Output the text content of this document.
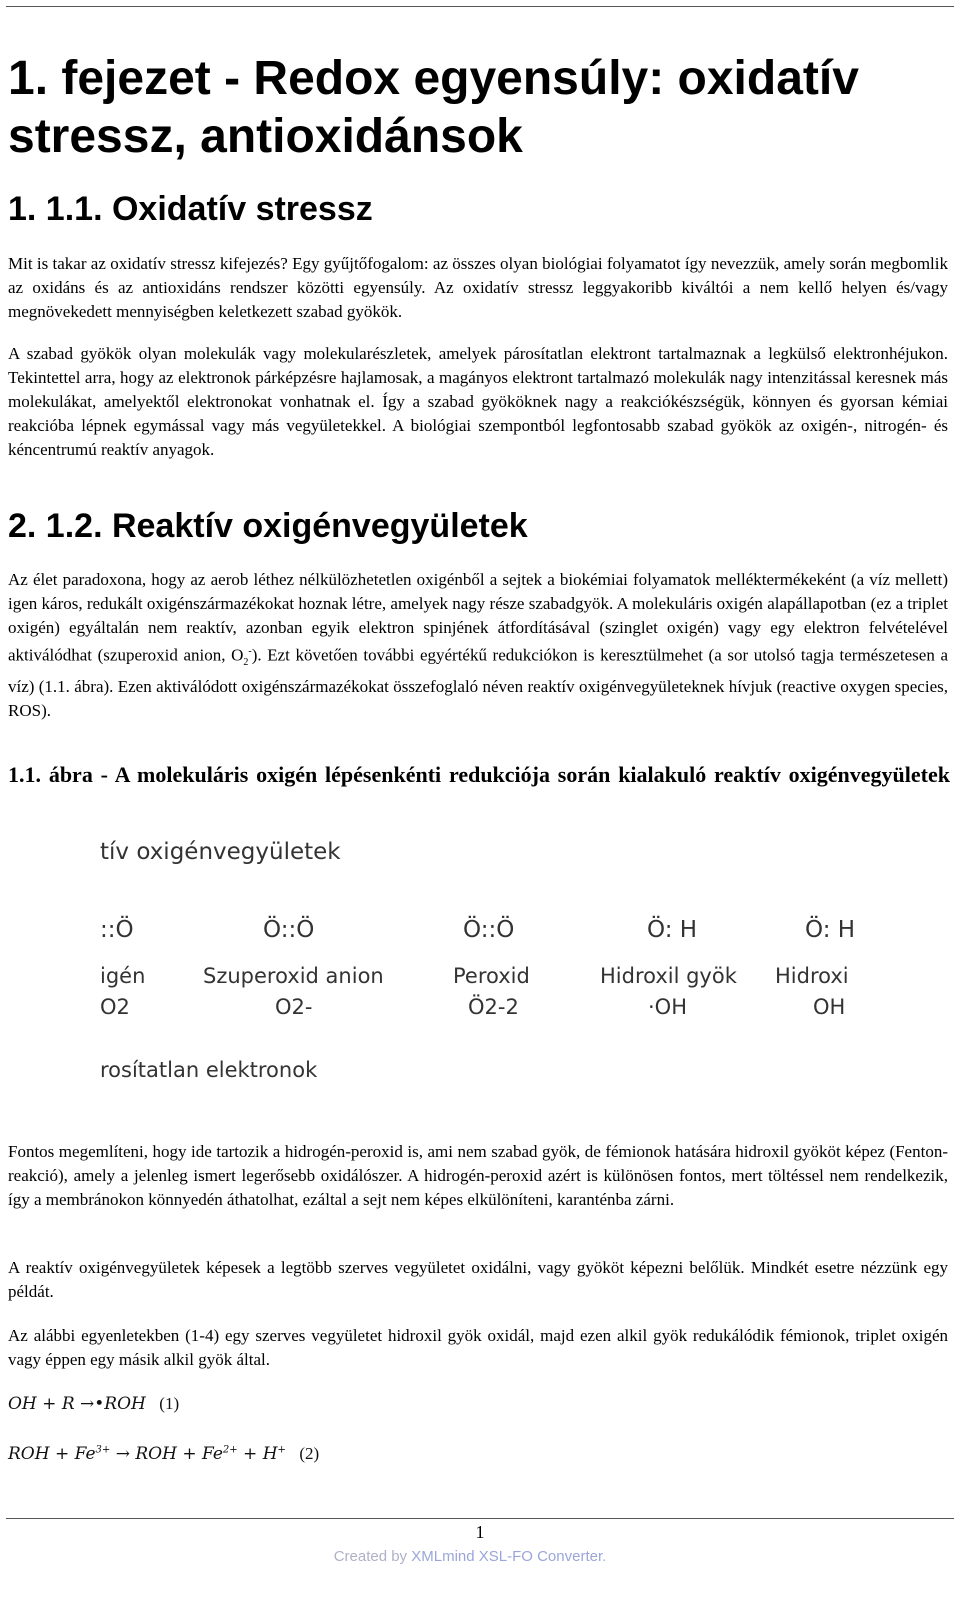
1. fejezet - Redox egyensúly: oxidatív stressz, antioxidánsok
1. 1.1. Oxidatív stressz

Mit is takar az oxidatív stressz kifejezés? Egy gyűjtőfogalom: az összes olyan biológiai folyamatot így nevezzük, amely során megbomlik az oxidáns és az antioxidáns rendszer közötti egyensúly. Az oxidatív stressz leggyakoribb kiváltói a nem kellő helyen és/vagy megnövekedett mennyiségben keletkezett szabad gyökök.

A szabad gyökök olyan molekulák vagy molekularészletek, amelyek párosítatlan elektront tartalmaznak a legkülső elektronhéjukon. Tekintettel arra, hogy az elektronok párképzésre hajlamosak, a magányos elektront tartalmazó molekulák nagy intenzitással keresnek más molekulákat, amelyektől elektronokat vonhatnak el. Így a szabad gyököknek nagy a reakciókészségük, könnyen és gyorsan kémiai reakcióba lépnek egymással vagy más vegyületekkel. A biológiai szempontból legfontosabb szabad gyökök az oxigén-, nitrogén- és kéncentrumú reaktív anyagok.

2. 1.2. Reaktív oxigénvegyületek

Az élet paradoxona, hogy az aerob léthez nélkülözhetetlen oxigénből a sejtek a biokémiai folyamatok melléktermékeként (a víz mellett) igen káros, redukált oxigénszármazékokat hoznak létre, amelyek nagy része szabadgyök. A molekuláris oxigén alapállapotban (ez a triplet oxigén) egyáltalán nem reaktív, azonban egyik elektron spinjének átfordításával (szinglet oxigén) vagy egy elektron felvételével aktiválódhat (szuperoxid anion, $O_2^-$). Ezt követően további egyértékű redukciókon is keresztülmehet (a sor utolsó tagja természetesen a víz) (1.1. ábra). Ezen aktiválódott oxigénszármazékokat összefoglaló néven reaktív oxigénvegyületeknek hívjuk (reactive oxygen species, ROS).

1.1. ábra - A molekuláris oxigén lépésenkénti redukciója során kialakuló reaktív oxigénvegyületek
tív oxigénvegyületek
::Ö
igén
O2
Ö::Ö
Szuperoxid anion
O2-
Ö::Ö
Peroxid
Ö2-2
Ö: H
Hidroxil gyök
·OH
Ö: H
Hidroxi
OH
rosítatlan elektronok

Fontos megemlíteni, hogy ide tartozik a hidrogén-peroxid is, ami nem szabad gyök, de fémionok hatására hidroxil gyököt képez (Fenton-reakció), amely a jelenleg ismert legerősebb oxidálószer. A hidrogén-peroxid azért is különösen fontos, mert töltéssel nem rendelkezik, így a membránokon könnyedén áthatolhat, ezáltal a sejt nem képes elkülöníteni, karanténba zárni.

A reaktív oxigénvegyületek képesek a legtöbb szerves vegyületet oxidálni, vagy gyököt képezni belőlük. Mindkét esetre nézzünk egy példát.

Az alábbi egyenletekben (1-4) egy szerves vegyületet hidroxil gyök oxidál, majd ezen alkil gyök redukálódik fémionok, triplet oxigén vagy éppen egy másik alkil gyök által.

OH + R →•ROH (1)
ROH + $Fe^{3+}$ → ROH + $Fe^{2+} + H^+$ (2)
1
Created by XMLmind XSL-FO Converter.
